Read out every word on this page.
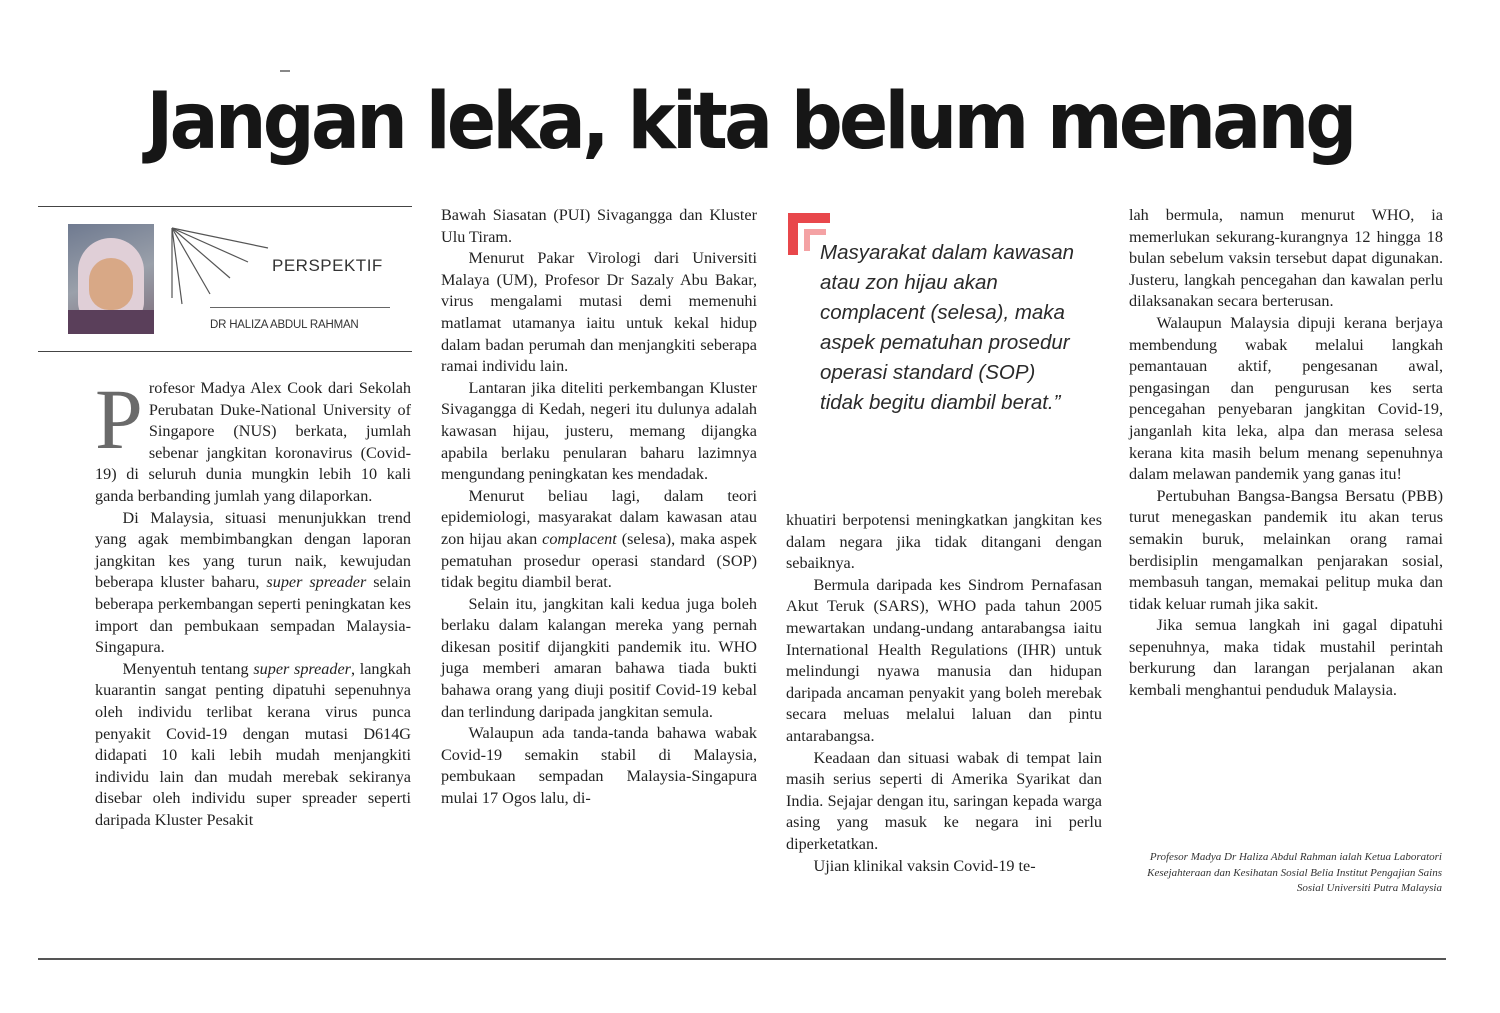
Jangan leka, kita belum menang
PERSPEKTIF
DR HALIZA ABDUL RAHMAN

Profesor Madya Alex Cook dari Sekolah Perubatan Duke-National University of Singapore (NUS) berkata, jumlah sebenar jangkitan koronavirus (Covid-19) di seluruh dunia mungkin lebih 10 kali ganda berbanding jumlah yang dilaporkan.

Di Malaysia, situasi menunjukkan trend yang agak membimbangkan dengan laporan jangkitan kes yang turun naik, kewujudan beberapa kluster baharu, super spreader selain beberapa perkembangan seperti peningkatan kes import dan pembukaan sempadan Malaysia-Singapura.

Menyentuh tentang super spreader, langkah kuarantin sangat penting dipatuhi sepenuhnya oleh individu terlibat kerana virus punca penyakit Covid-19 dengan mutasi D614G didapati 10 kali lebih mudah menjangkiti individu lain dan mudah merebak sekiranya disebar oleh individu super spreader seperti daripada Kluster Pesakit

Bawah Siasatan (PUI) Sivagangga dan Kluster Ulu Tiram.

Menurut Pakar Virologi dari Universiti Malaya (UM), Profesor Dr Sazaly Abu Bakar, virus mengalami mutasi demi memenuhi matlamat utamanya iaitu untuk kekal hidup dalam badan perumah dan menjangkiti seberapa ramai individu lain.

Lantaran jika diteliti perkembangan Kluster Sivagangga di Kedah, negeri itu dulunya adalah kawasan hijau, justeru, memang dijangka apabila berlaku penularan baharu lazimnya mengundang peningkatan kes mendadak.

Menurut beliau lagi, dalam teori epidemiologi, masyarakat dalam kawasan atau zon hijau akan complacent (selesa), maka aspek pematuhan prosedur operasi standard (SOP) tidak begitu diambil berat.

Selain itu, jangkitan kali kedua juga boleh berlaku dalam kalangan mereka yang pernah dikesan positif dijangkiti pandemik itu. WHO juga memberi amaran bahawa tiada bukti bahawa orang yang diuji positif Covid-19 kebal dan terlindung daripada jangkitan semula.

Walaupun ada tanda-tanda bahawa wabak Covid-19 semakin stabil di Malaysia, pembukaan sempadan Malaysia-Singapura mulai 17 Ogos lalu, di-

Masyarakat dalam kawasan atau zon hijau akan complacent (selesa), maka aspek pematuhan prosedur operasi standard (SOP) tidak begitu diambil berat.”

khuatiri berpotensi meningkatkan jangkitan kes dalam negara jika tidak ditangani dengan sebaiknya.

Bermula daripada kes Sindrom Pernafasan Akut Teruk (SARS), WHO pada tahun 2005 mewartakan undang-undang antarabangsa iaitu International Health Regulations (IHR) untuk melindungi nyawa manusia dan hidupan daripada ancaman penyakit yang boleh merebak secara meluas melalui laluan dan pintu antarabangsa.

Keadaan dan situasi wabak di tempat lain masih serius seperti di Amerika Syarikat dan India. Sejajar dengan itu, saringan kepada warga asing yang masuk ke negara ini perlu diperketatkan.

Ujian klinikal vaksin Covid-19 te-

lah bermula, namun menurut WHO, ia memerlukan sekurang-kurangnya 12 hingga 18 bulan sebelum vaksin tersebut dapat digunakan. Justeru, langkah pencegahan dan kawalan perlu dilaksanakan secara berterusan.

Walaupun Malaysia dipuji kerana berjaya membendung wabak melalui langkah pemantauan aktif, pengesanan awal, pengasingan dan pengurusan kes serta pencegahan penyebaran jangkitan Covid-19, janganlah kita leka, alpa dan merasa selesa kerana kita masih belum menang sepenuhnya dalam melawan pandemik yang ganas itu!

Pertubuhan Bangsa-Bangsa Bersatu (PBB) turut menegaskan pandemik itu akan terus semakin buruk, melainkan orang ramai berdisiplin mengamalkan penjarakan sosial, membasuh tangan, memakai pelitup muka dan tidak keluar rumah jika sakit.

Jika semua langkah ini gagal dipatuhi sepenuhnya, maka tidak mustahil perintah berkurung dan larangan perjalanan akan kembali menghantui penduduk Malaysia.

Profesor Madya Dr Haliza Abdul Rahman ialah Ketua Laboratori Kesejahteraan dan Kesihatan Sosial Belia Institut Pengajian Sains Sosial Universiti Putra Malaysia
